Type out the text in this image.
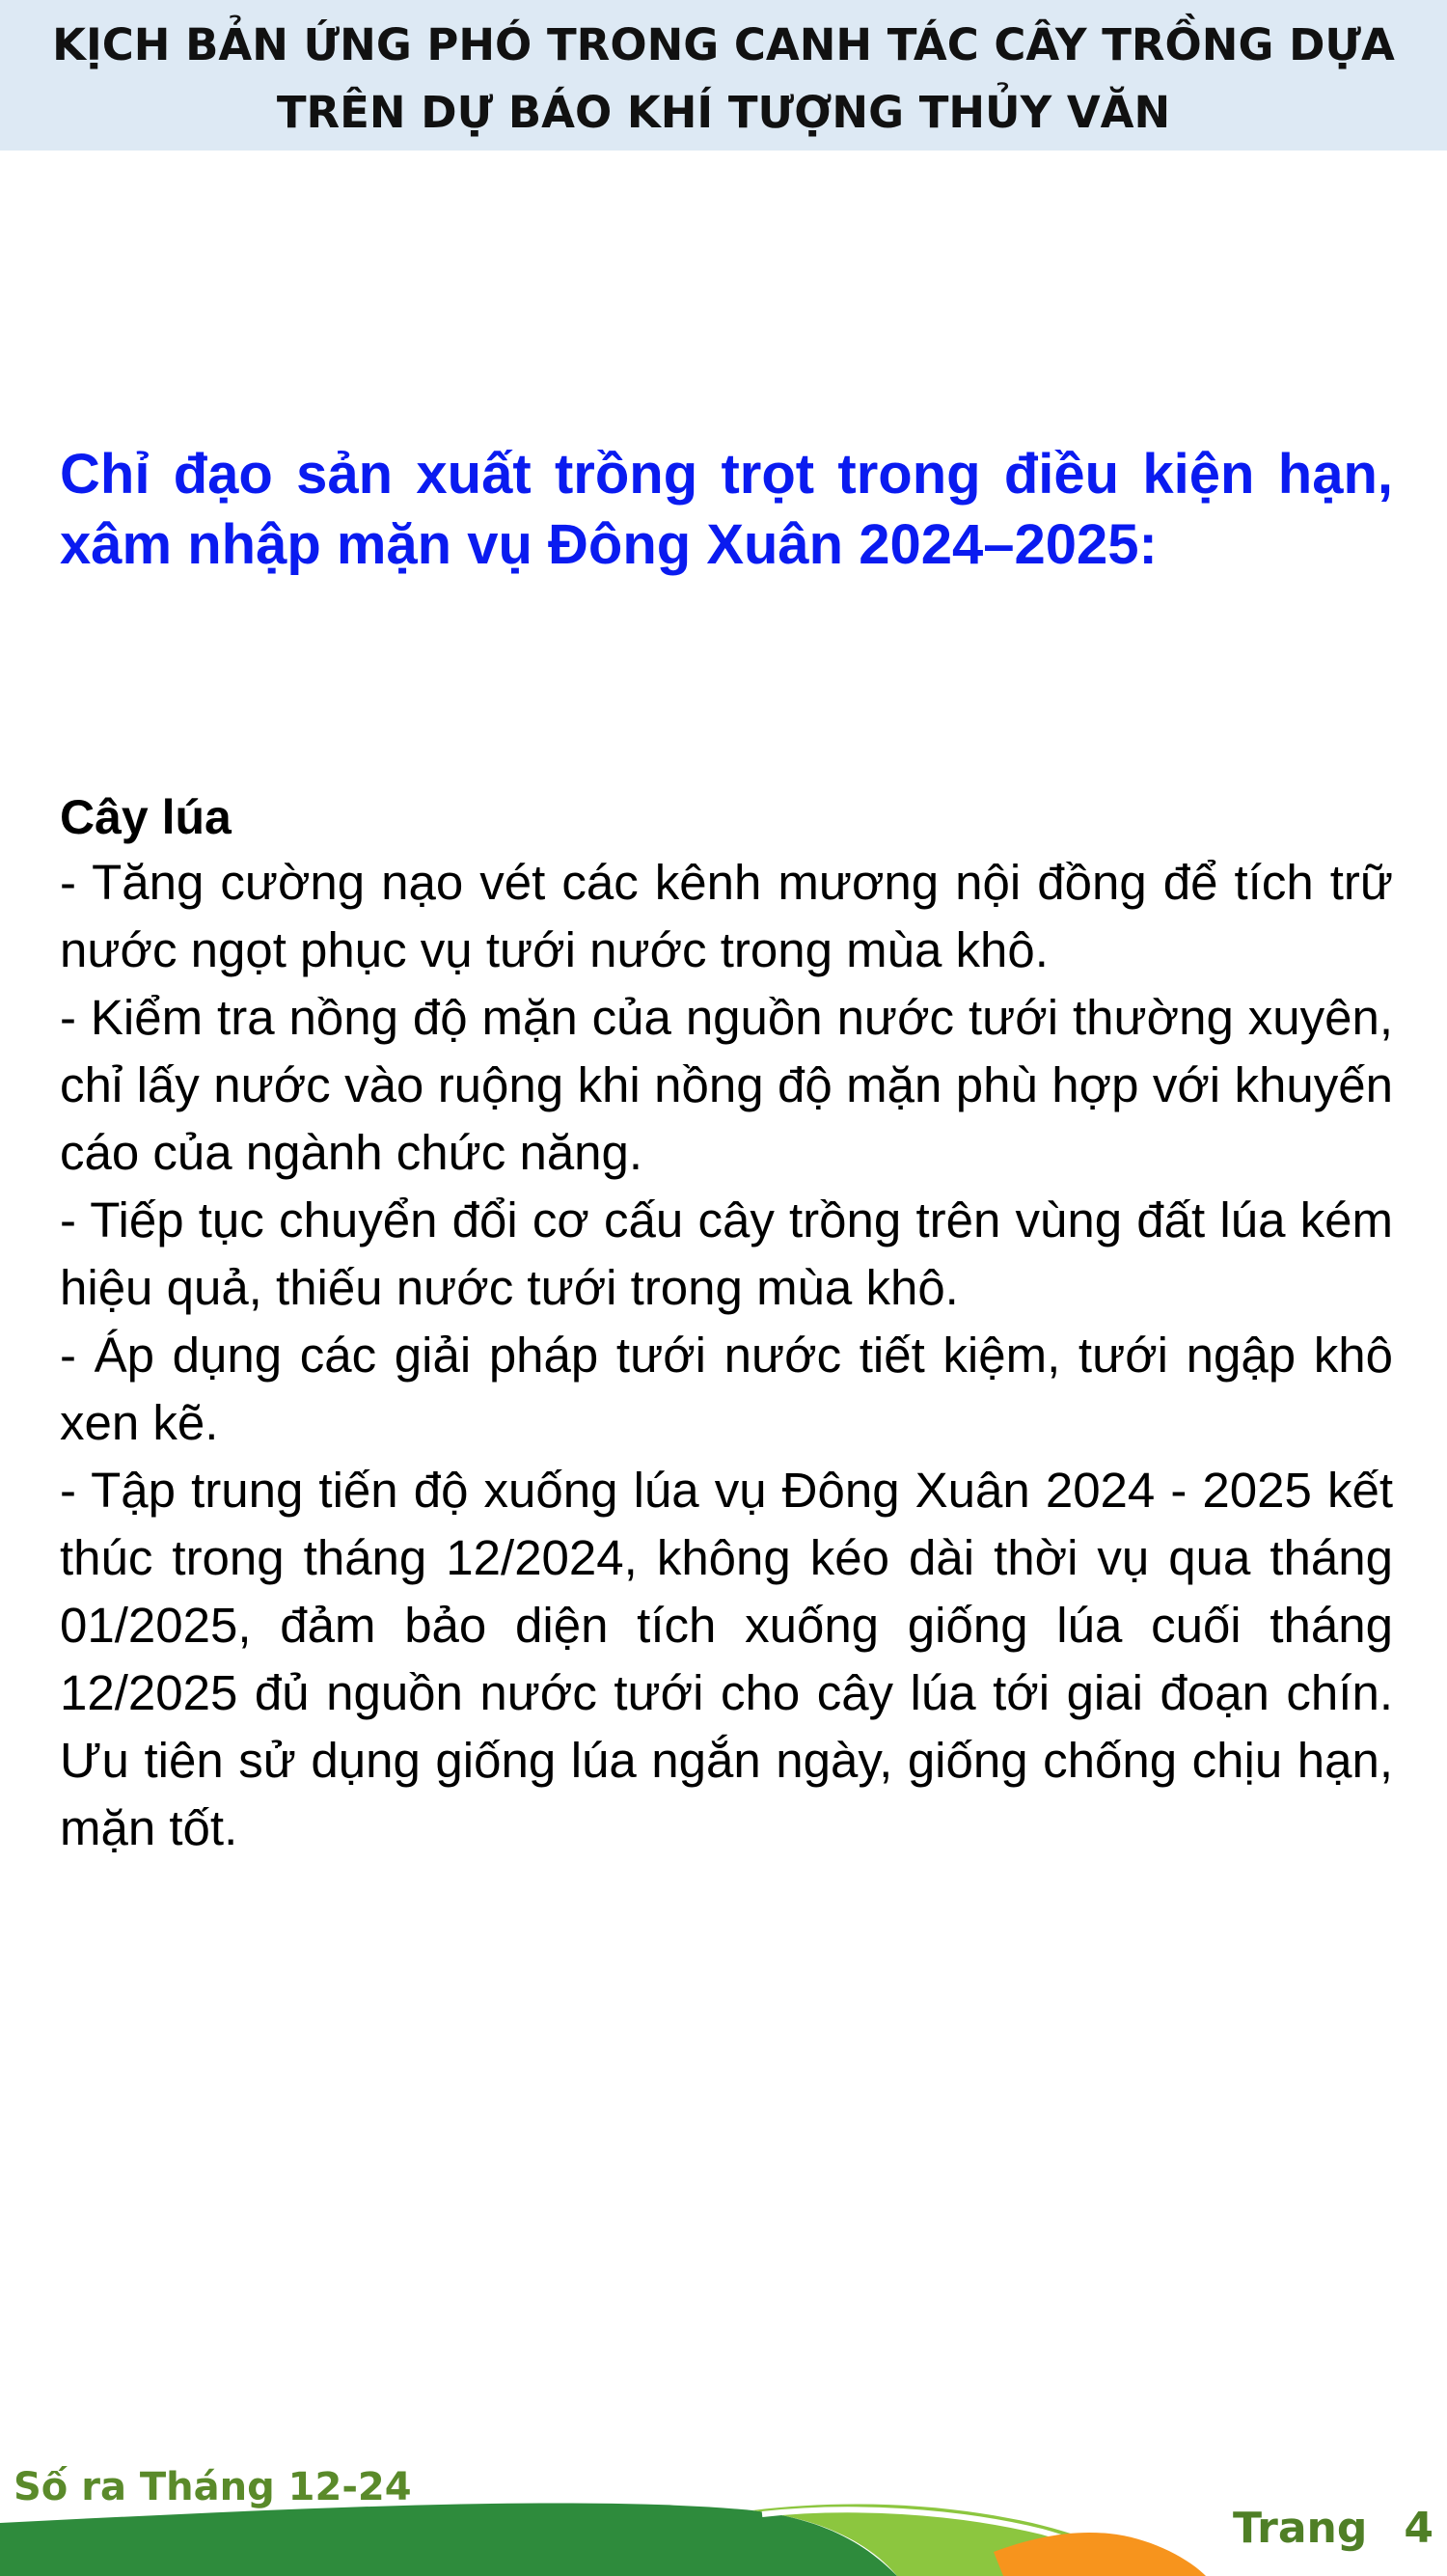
KỊCH BẢN ỨNG PHÓ TRONG CANH TÁC CÂY TRỒNG DỰA
TRÊN DỰ BÁO KHÍ TƯỢNG THỦY VĂN
Chỉ đạo sản xuất trồng trọt trong điều kiện hạn, xâm nhập mặn vụ Đông Xuân 2024–2025:
Cây lúa
- Tăng cường nạo vét các kênh mương nội đồng để tích trữ nước ngọt phục vụ tưới nước trong mùa khô.
- Kiểm tra nồng độ mặn của nguồn nước tưới thường xuyên, chỉ lấy nước vào ruộng khi nồng độ mặn phù hợp với khuyến cáo của ngành chức năng.
- Tiếp tục chuyển đổi cơ cấu cây trồng trên vùng đất lúa kém hiệu quả, thiếu nước tưới trong mùa khô.
- Áp dụng các giải pháp tưới nước tiết kiệm, tưới ngập khô xen kẽ.
- Tập trung tiến độ xuống lúa vụ Đông Xuân 2024 - 2025 kết thúc trong tháng 12/2024, không kéo dài thời vụ qua tháng 01/2025, đảm bảo diện tích xuống giống lúa cuối tháng 12/2025 đủ nguồn nước tưới cho cây lúa tới giai đoạn chín. Ưu tiên sử dụng giống lúa ngắn ngày, giống chống chịu hạn, mặn tốt.
Số ra Tháng 12-24
Trang 4
